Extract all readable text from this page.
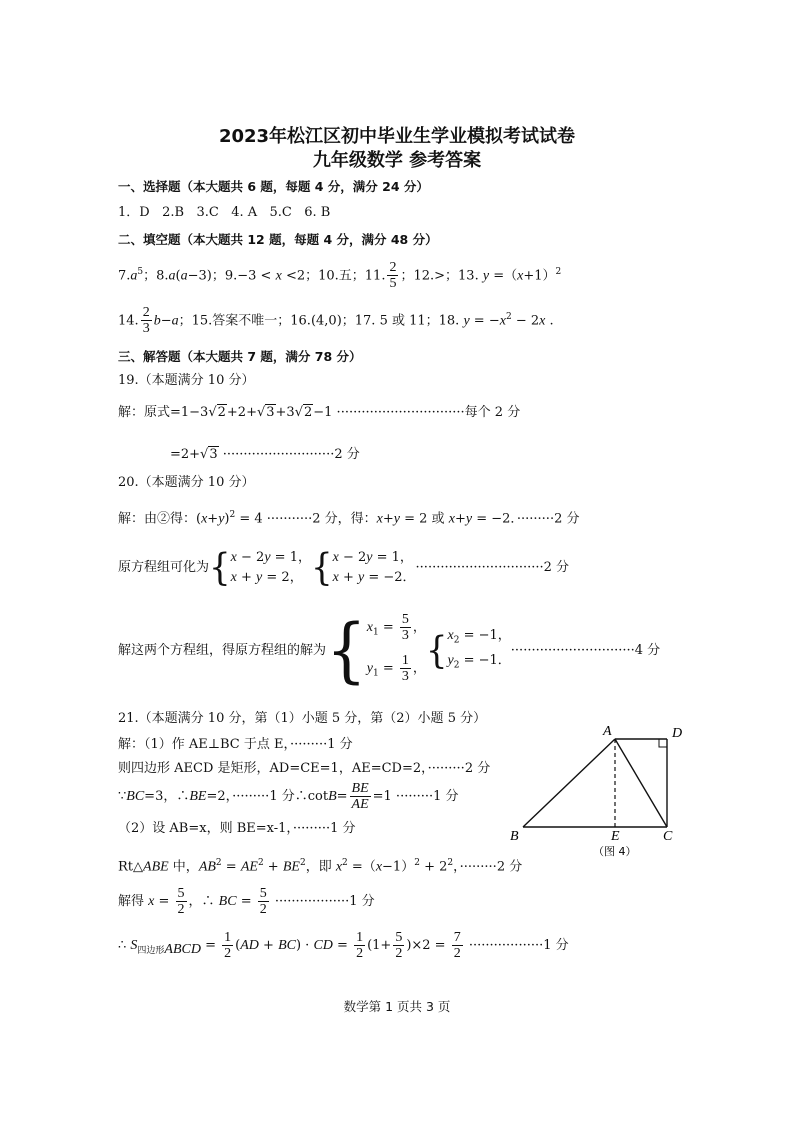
2023年松江区初中毕业生学业模拟考试试卷
九年级数学 参考答案
一、选择题（本大题共 6 题，每题 4 分，满分 24 分）
1．D   2.B   3.C   4. A   5.C   6. B
二、填空题（本大题共 12 题，每题 4 分，满分 48 分）
$7.a^5$；8.a(a−3)；9.−3 < x <2；10.五；11. $\frac{2}{5}$ ；12.>；13. $y =(x+1)^2$
14. $\frac{2}{3} b-a$；15.答案不唯一；16.(4,0)；17. 5 或 11；18. $y = -x^2 - 2x$ .
三、解答题（本大题共 7 题，满分 78 分）
19.（本题满分 10 分）
解：原式=1−3√2+2+√3+3√2−1 ·······························每个 2 分
=2+√3 ···························2 分
20.（本题满分 10 分）
解：由②得：$(x+y)^2 = 4 \cdot\cdot\cdot\cdot\cdot\cdot\cdot\cdot\cdot\cdot\cdot 2$ 分，得：x+y = 2 或 x+y = −2．·········2 分
原方程组可化为{ x − 2y = 1，
x + y = 2， { x − 2y = 1，
x + y = −2．
·······························2 分
解这两个方程组，得原方程组的解为{ $x_1 = \frac{5}{3}$ ，
$y_1 = \frac{1}{3}$ ， { $x_2 = -1$，
$y_2 = -1$．
······························4 分
21.（本题满分 10 分，第（1）小题 5 分，第（2）小题 5 分）
解：（1）作 AE⊥BC 于点 E，·········1 分
则四边形 AECD 是矩形，AD=CE=1，AE=CD=2，·········2 分
∵BC=3，∴BE=2，·········1 分∴cotB= $\frac{BE}{AE} =1 \cdot\cdot\cdot\cdot\cdot\cdot\cdot\cdot\cdot 1$ 分
（2）设 AB=x，则 BE=x-1，·········1 分
Rt△ABE 中，$AB^2 = AE^2 + BE^2$，即 $x^2 =(x-1)^2 + 2^2$，·········2 分
解得 $x = \frac{5}{2}$ ，∴ BC = $\frac{5}{2} \cdot\cdot\cdot\cdot\cdot\cdot\cdot\cdot\cdot\cdot\cdot\cdot\cdot\cdot\cdot\cdot\cdot\cdot 1$ 分
∴ $S_{四边形ABCD} = \frac{1}{2} (AD + BC)$ · CD = $\frac{1}{2} (1+ \frac{5}{2} )\times 2 = \frac{7}{2} \cdot\cdot\cdot\cdot\cdot\cdot\cdot\cdot\cdot\cdot\cdot\cdot\cdot\cdot\cdot\cdot\cdot\cdot 1$ 分
A	D
B	E	C
（图 4）
数学第 1 页共 3 页
